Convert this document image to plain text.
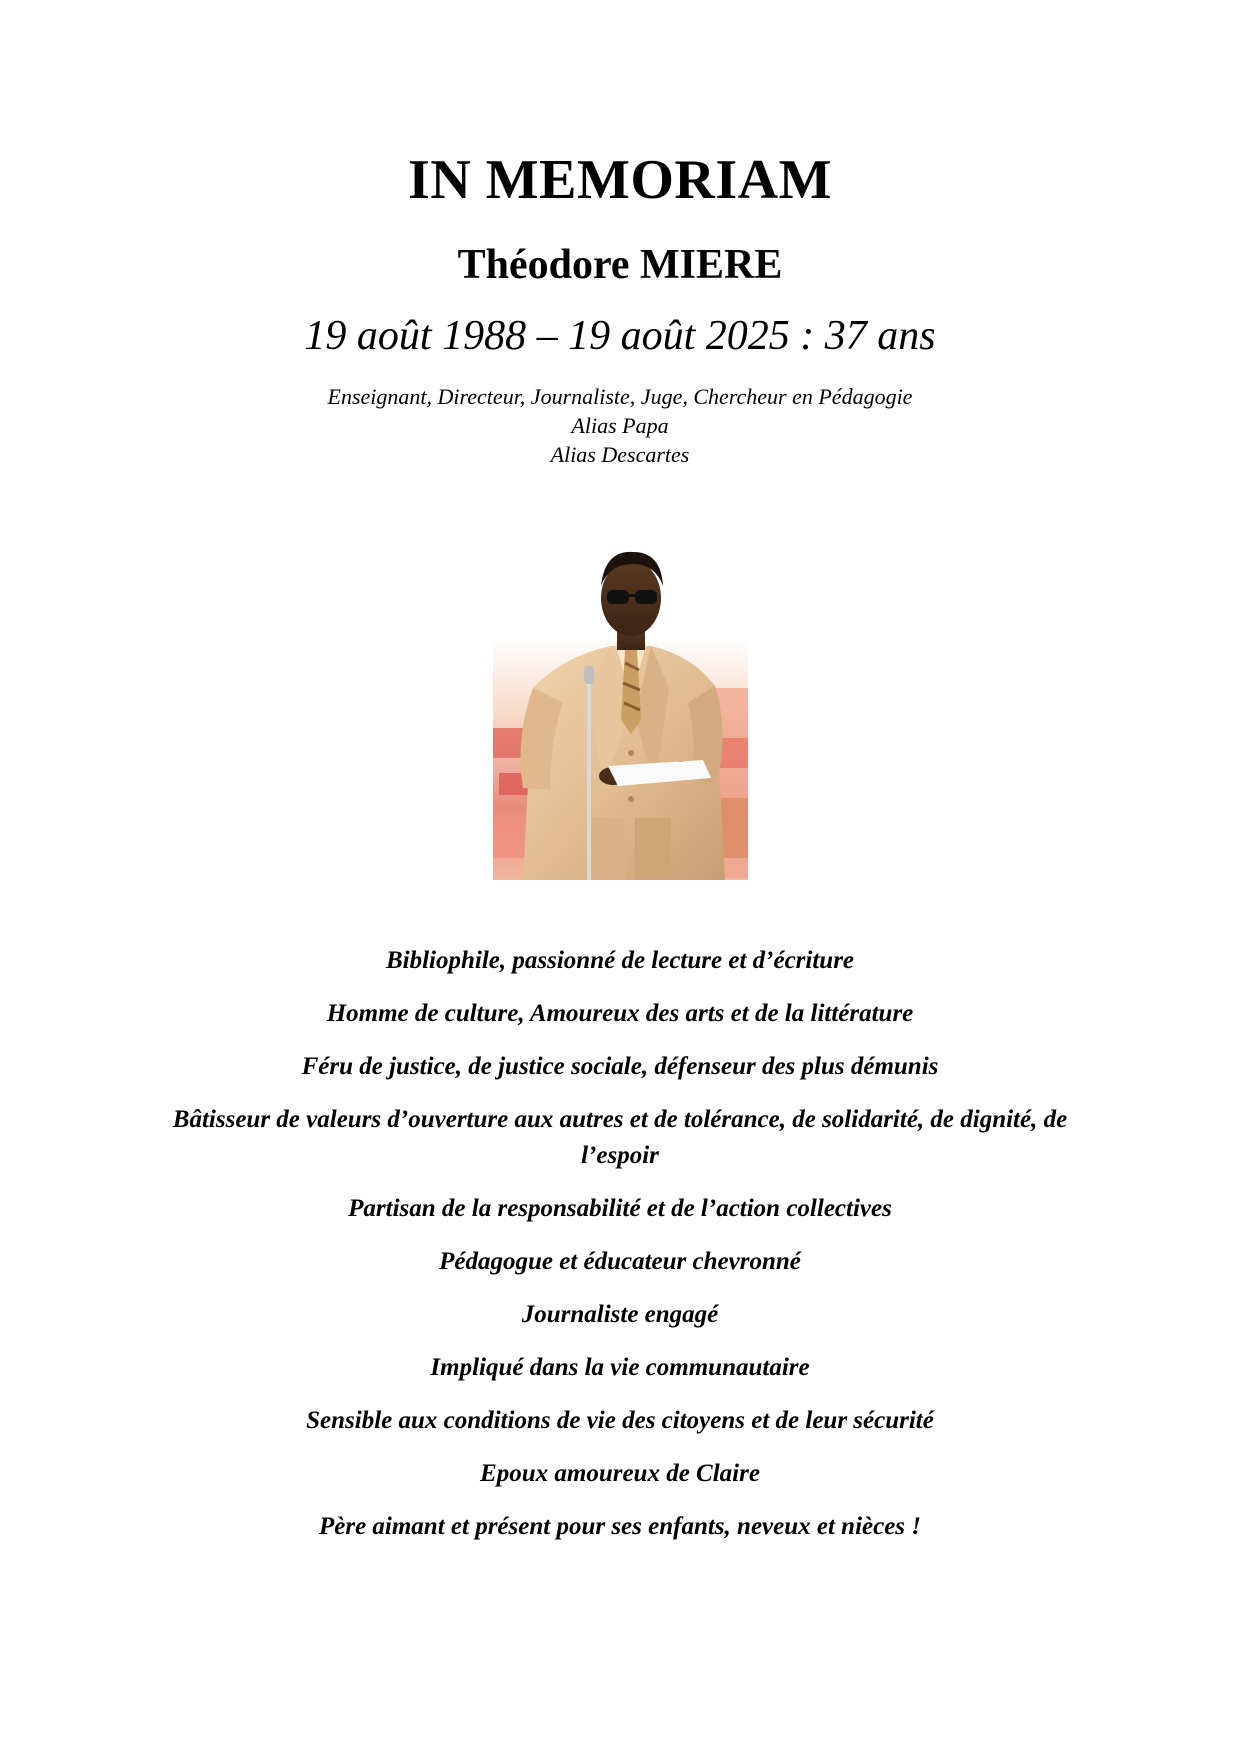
IN MEMORIAM
Théodore MIERE
19 août 1988 – 19 août 2025 : 37 ans
Enseignant, Directeur, Journaliste, Juge, Chercheur en Pédagogie
Alias Papa
Alias Descartes
Bibliophile, passionné de lecture et d’écriture
Homme de culture, Amoureux des arts et de la littérature
Féru de justice, de justice sociale, défenseur des plus démunis
Bâtisseur de valeurs d’ouverture aux autres et de tolérance, de solidarité, de dignité, de l’espoir
Partisan de la responsabilité et de l’action collectives
Pédagogue et éducateur chevronné
Journaliste engagé
Impliqué dans la vie communautaire
Sensible aux conditions de vie des citoyens et de leur sécurité
Epoux amoureux de Claire
Père aimant et présent pour ses enfants, neveux et nièces !
